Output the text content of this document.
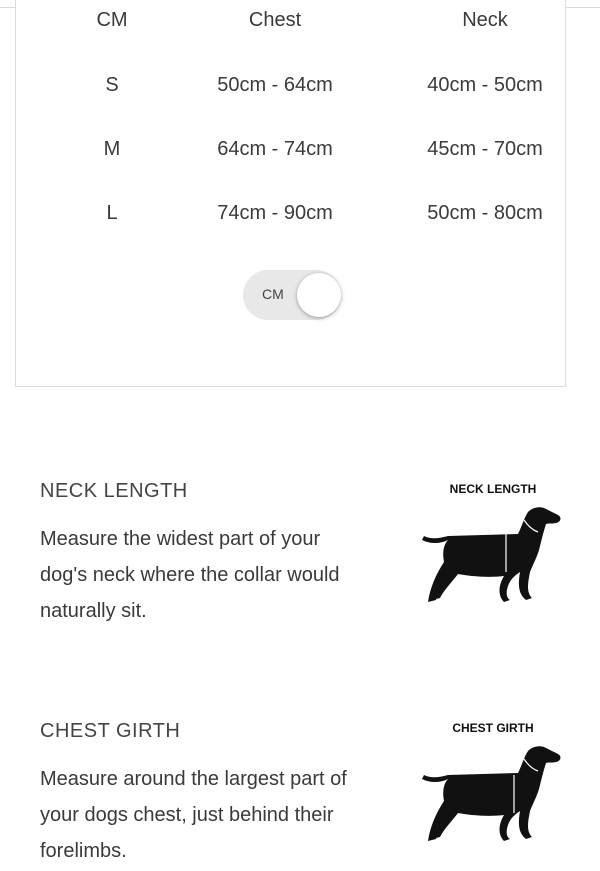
CM	Chest	Neck
S	50cm - 64cm	40cm - 50cm
M	64cm - 74cm	45cm - 70cm
L	74cm - 90cm	50cm - 80cm
CM
NECK LENGTH
Measure the widest part of your
dog's neck where the collar would
naturally sit.
NECK LENGTH
CHEST GIRTH
Measure around the largest part of
your dogs chest, just behind their
forelimbs.
CHEST GIRTH
